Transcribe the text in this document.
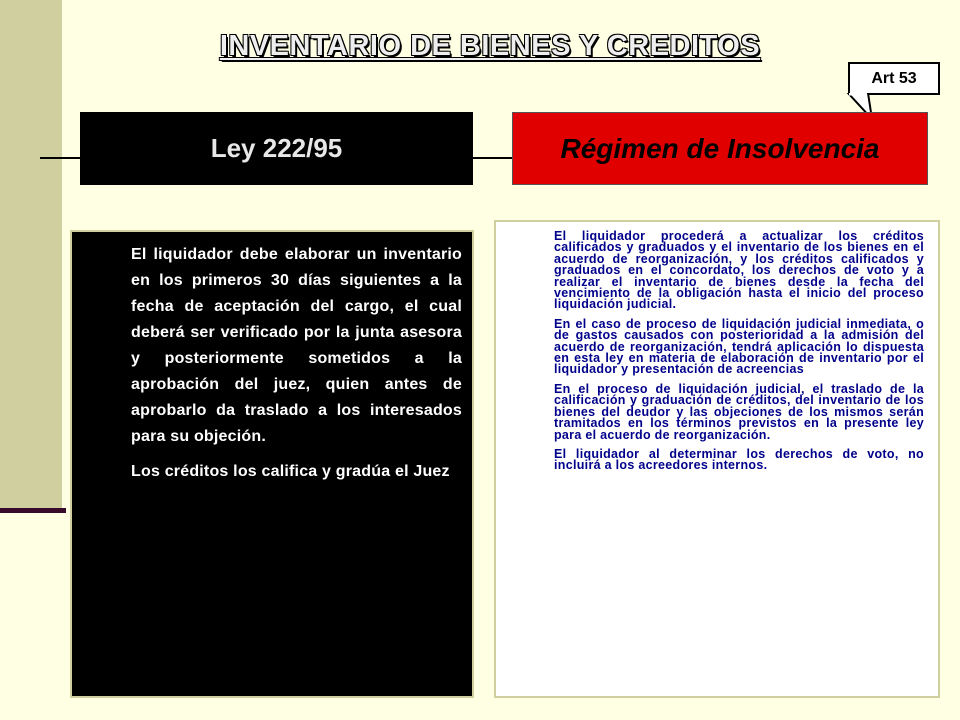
INVENTARIO DE BIENES Y CREDITOS
Art 53
Ley 222/95	Régimen de Insolvencia

El liquidador debe elaborar un inventario en los primeros 30 días siguientes a la fecha de aceptación del cargo, el cual deberá ser verificado por la junta asesora y posteriormente sometidos a la aprobación del juez, quien antes de aprobarlo da traslado a los interesados para su objeción.

Los créditos los califica y gradúa el Juez

El liquidador procederá a actualizar los créditos calificados y graduados y el inventario de los bienes en el acuerdo de reorganización, y los créditos calificados y graduados en el concordato, los derechos de voto y a realizar el inventario de bienes desde la fecha del vencimiento de la obligación hasta el inicio del proceso liquidación judicial.

En el caso de proceso de liquidación judicial inmediata, o de gastos causados con posterioridad a la admisión del acuerdo de reorganización, tendrá aplicación lo dispuesta en esta ley en materia de elaboración de inventario por el liquidador y presentación de acreencias

En el proceso de liquidación judicial, el traslado de la calificación y graduación de créditos, del inventario de los bienes del deudor y las objeciones de los mismos serán tramitados en los términos previstos en la presente ley para el acuerdo de reorganización.

El liquidador al determinar los derechos de voto, no incluirá a los acreedores internos.
